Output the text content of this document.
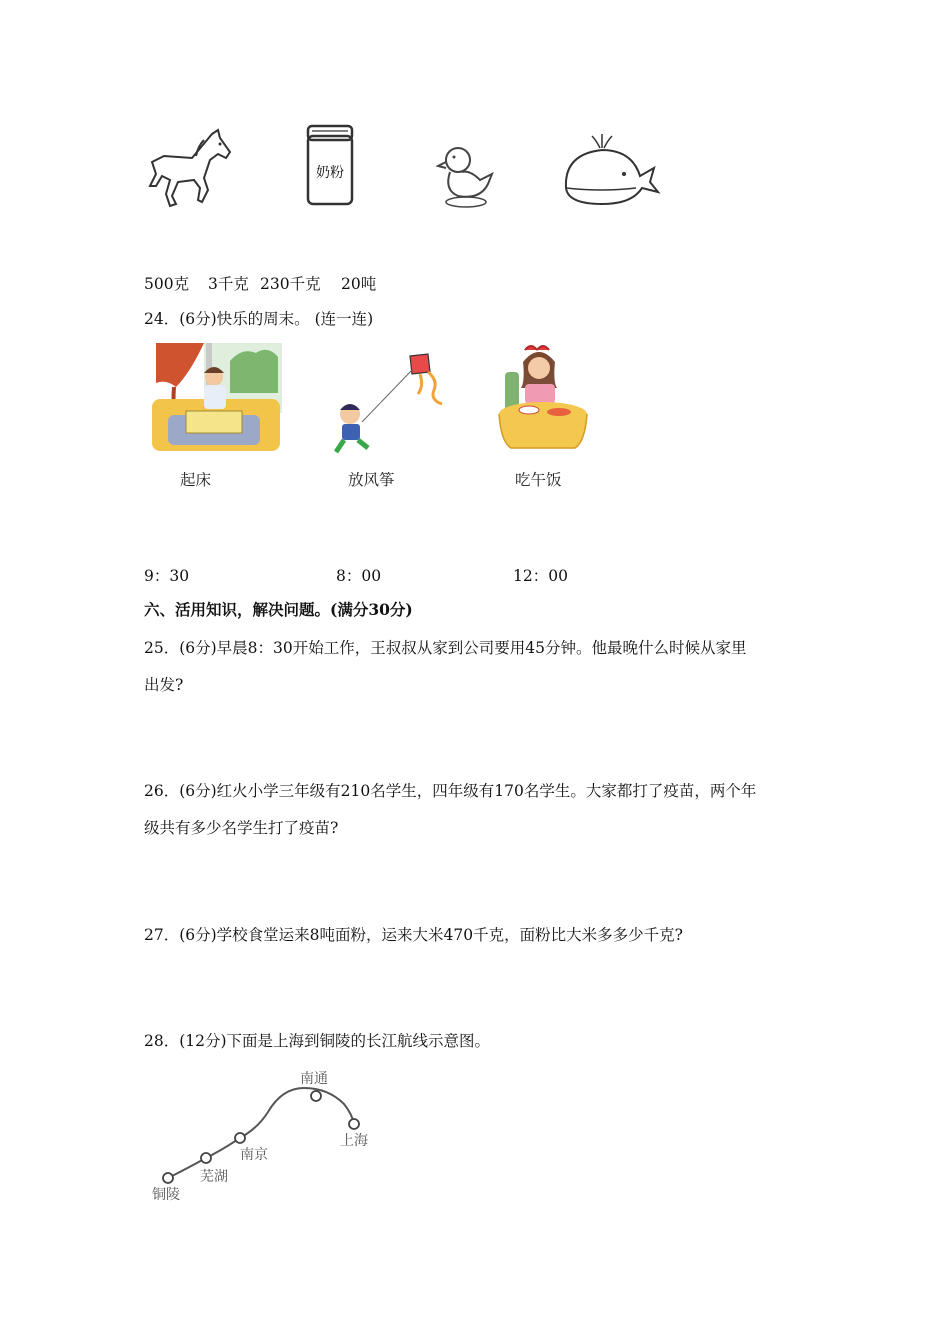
奶粉
500克 3千克 230千克 20吨
24．(6分)快乐的周末。 (连一连)
起床	放风筝	吃午饭
9：30	8：00	12：00
六、活用知识，解决问题。(满分30分)
25．(6分)早晨8：30开始工作，王叔叔从家到公司要用45分钟。他最晚什么时候从家里
出发?
26．(6分)红火小学三年级有210名学生，四年级有170名学生。大家都打了疫苗，两个年
级共有多少名学生打了疫苗?
27．(6分)学校食堂运来8吨面粉，运来大米470千克，面粉比大米多多少千克?
28．(12分)下面是上海到铜陵的长江航线示意图。
铜陵
芜湖
南京
南通
上海
